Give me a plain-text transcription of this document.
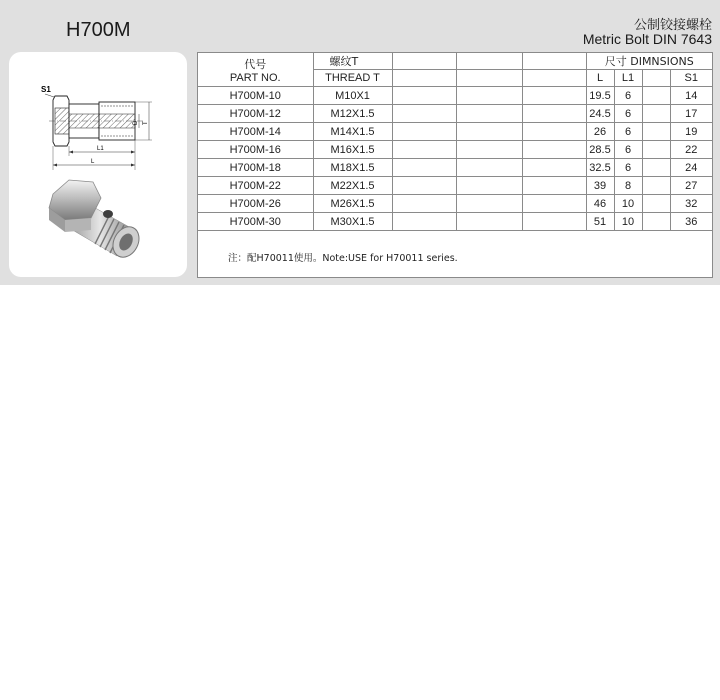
H700M	公制铰接螺栓
Metric Bolt DIN 7643
S1
D T
L1
L
代号
PART NO.	螺纹T				尺寸 DIMNSIONS			
	THREAD T				L	L1		S1
H700M-10	M10X1				19.5	6		14
H700M-12	M12X1.5				24.5	6		17
H700M-14	M14X1.5				26	6		19
H700M-16	M16X1.5				28.5	6		22
H700M-18	M18X1.5				32.5	6		24
H700M-22	M22X1.5				39	8		27
H700M-26	M26X1.5				46	10		32
H700M-30	M30X1.5				51	10		36
注：配H70011使用。Note:USE for H70011 series.
